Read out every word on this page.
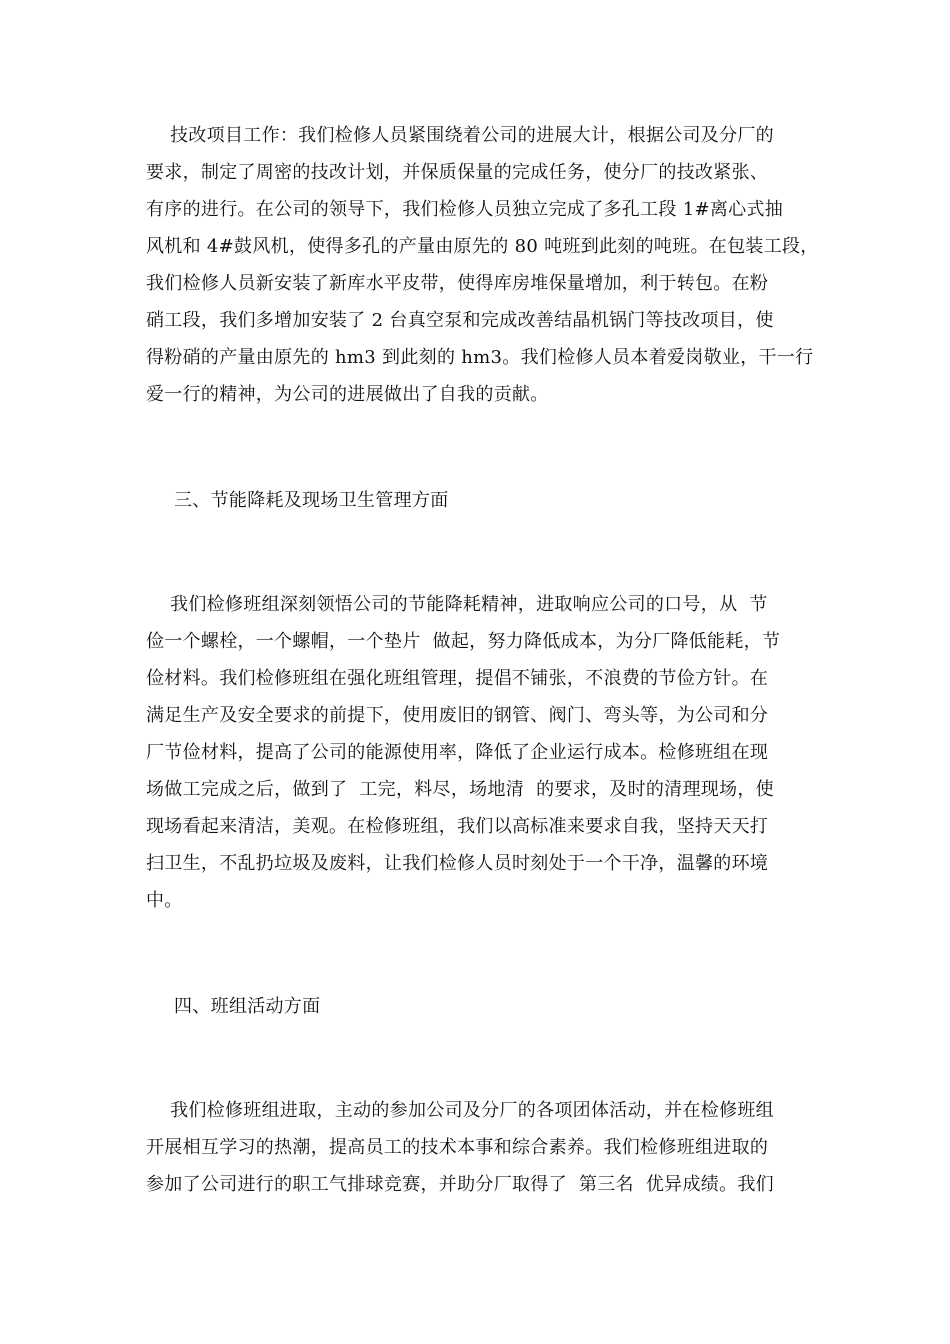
技改项目工作：我们检修人员紧围绕着公司的进展大计，根据公司及分厂的
要求，制定了周密的技改计划，并保质保量的完成任务，使分厂的技改紧张、
有序的进行。在公司的领导下，我们检修人员独立完成了多孔工段 1#离心式抽
风机和 4#鼓风机，使得多孔的产量由原先的 80 吨班到此刻的吨班。在包装工段，
我们检修人员新安装了新库水平皮带，使得库房堆保量增加，利于转包。在粉
硝工段，我们多增加安装了 2 台真空泵和完成改善结晶机锅门等技改项目，使
得粉硝的产量由原先的 hm3 到此刻的 hm3。我们检修人员本着爱岗敬业，干一行
爱一行的精神，为公司的进展做出了自我的贡献。
三、节能降耗及现场卫生管理方面
我们检修班组深刻领悟公司的节能降耗精神，进取响应公司的口号，从  节
俭一个螺栓，一个螺帽，一个垫片  做起，努力降低成本，为分厂降低能耗，节
俭材料。我们检修班组在强化班组管理，提倡不铺张，不浪费的节俭方针。在
满足生产及安全要求的前提下，使用废旧的钢管、阀门、弯头等，为公司和分
厂节俭材料，提高了公司的能源使用率，降低了企业运行成本。检修班组在现
场做工完成之后，做到了  工完，料尽，场地清  的要求，及时的清理现场，使
现场看起来清洁，美观。在检修班组，我们以高标准来要求自我，坚持天天打
扫卫生，不乱扔垃圾及废料，让我们检修人员时刻处于一个干净，温馨的环境
中。
四、班组活动方面
我们检修班组进取，主动的参加公司及分厂的各项团体活动，并在检修班组
开展相互学习的热潮，提高员工的技术本事和综合素养。我们检修班组进取的
参加了公司进行的职工气排球竞赛，并助分厂取得了  第三名  优异成绩。我们
